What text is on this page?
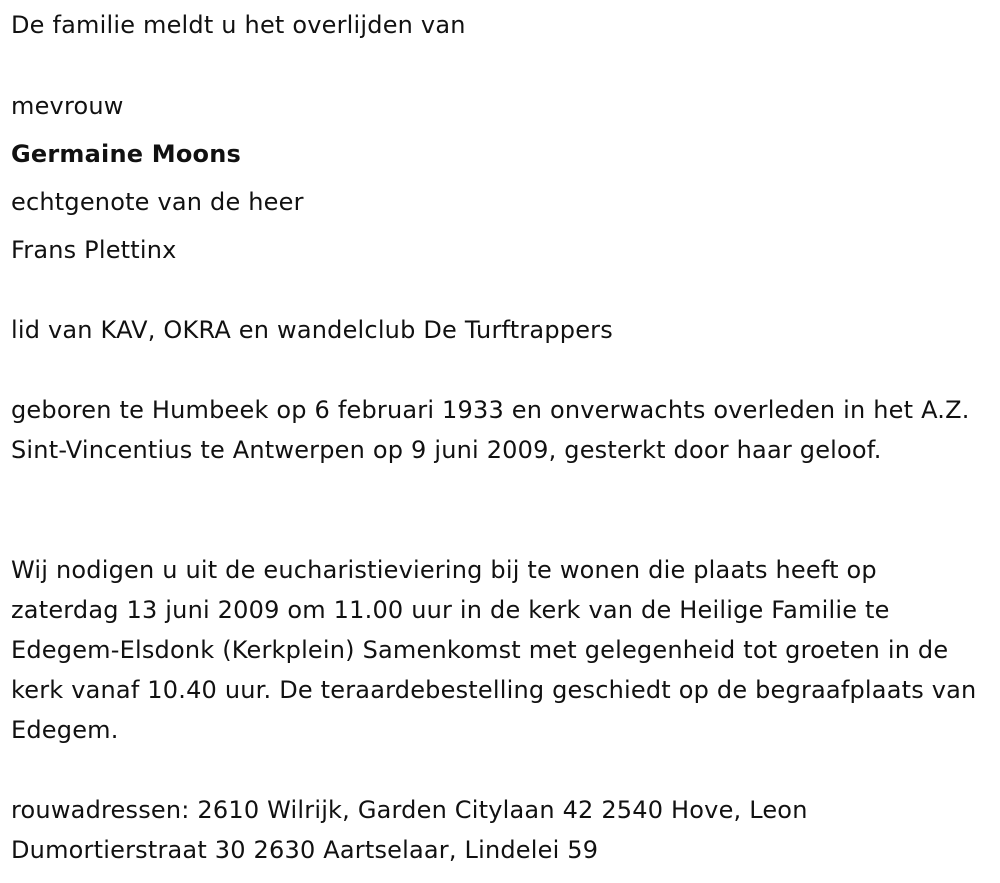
De familie meldt u het overlijden van
mevrouw
Germaine Moons
echtgenote van de heer
Frans Plettinx
lid van KAV, OKRA en wandelclub De Turftrappers
geboren te Humbeek op 6 februari 1933 en onverwachts overleden in het A.Z. Sint-Vincentius te Antwerpen op 9 juni 2009, gesterkt door haar geloof.
Wij nodigen u uit de eucharistieviering bij te wonen die plaats heeft op zaterdag 13 juni 2009 om 11.00 uur in de kerk van de Heilige Familie te Edegem-Elsdonk (Kerkplein) Samenkomst met gelegenheid tot groeten in de kerk vanaf 10.40 uur. De teraardebestelling geschiedt op de begraafplaats van Edegem.
rouwadressen: 2610 Wilrijk, Garden Citylaan 42 2540 Hove, Leon Dumortierstraat 30 2630 Aartselaar, Lindelei 59
